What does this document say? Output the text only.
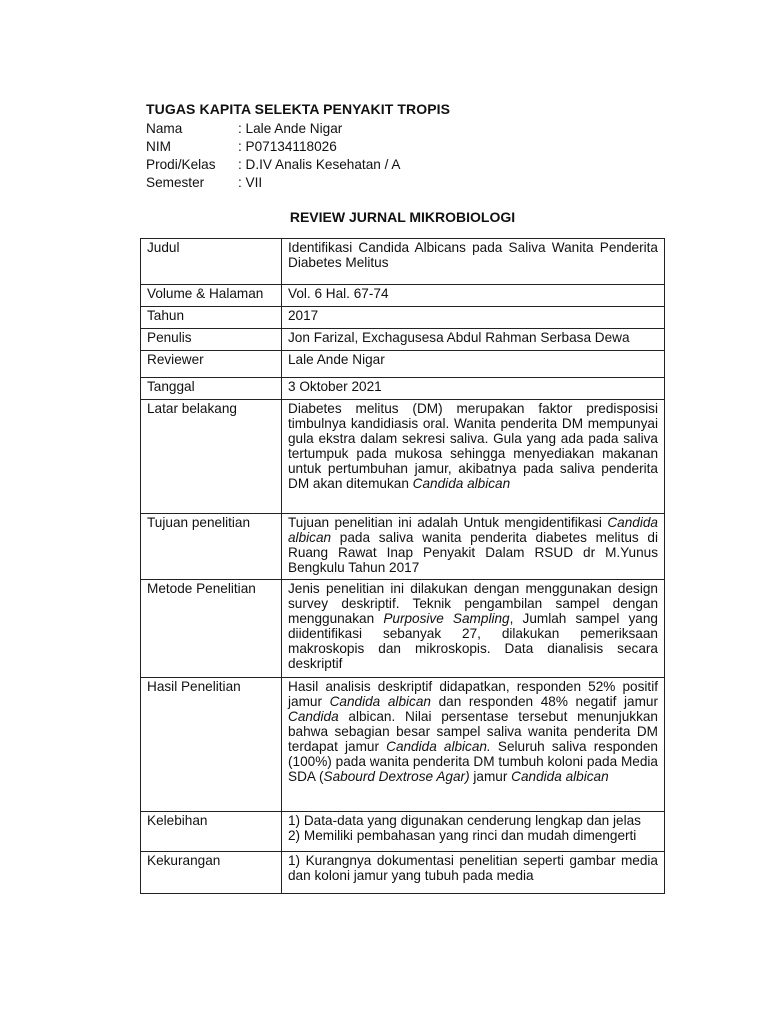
TUGAS KAPITA SELEKTA PENYAKIT TROPIS
Nama	: Lale Ande Nigar
NIM	: P07134118026
Prodi/Kelas	: D.IV Analis Kesehatan / A
Semester	: VII
REVIEW JURNAL MIKROBIOLOGI
Judul	Identifikasi Candida Albicans pada Saliva Wanita Penderita Diabetes Melitus
Volume & Halaman	Vol. 6 Hal. 67-74
Tahun	2017
Penulis	Jon Farizal, Exchagusesa Abdul Rahman Serbasa Dewa
Reviewer	Lale Ande Nigar
Tanggal	3 Oktober 2021
Latar belakang	Diabetes melitus (DM) merupakan faktor predisposisi timbulnya kandidiasis oral. Wanita penderita DM mempunyai gula ekstra dalam sekresi saliva. Gula yang ada pada saliva tertumpuk pada mukosa sehingga menyediakan makanan untuk pertumbuhan jamur, akibatnya pada saliva penderita DM akan ditemukan Candida albican
Tujuan penelitian	Tujuan penelitian ini adalah Untuk mengidentifikasi Candida albican pada saliva wanita penderita diabetes melitus di Ruang Rawat Inap Penyakit Dalam RSUD dr M.Yunus Bengkulu Tahun 2017
Metode Penelitian	Jenis penelitian ini dilakukan dengan menggunakan design survey deskriptif. Teknik pengambilan sampel dengan menggunakan Purposive Sampling, Jumlah sampel yang diidentifikasi sebanyak 27, dilakukan pemeriksaan makroskopis dan mikroskopis. Data dianalisis secara deskriptif
Hasil Penelitian	Hasil analisis deskriptif didapatkan, responden 52% positif jamur Candida albican dan responden 48% negatif jamur Candida albican. Nilai persentase tersebut menunjukkan bahwa sebagian besar sampel saliva wanita penderita DM terdapat jamur Candida albican. Seluruh saliva responden (100%) pada wanita penderita DM tumbuh koloni pada Media SDA (Sabourd Dextrose Agar) jamur Candida albican
Kelebihan	1) Data-data yang digunakan cenderung lengkap dan jelas
2) Memiliki pembahasan yang rinci dan mudah dimengerti

Kekurangan	1) Kurangnya dokumentasi penelitian seperti gambar media dan koloni jamur yang tubuh pada media
